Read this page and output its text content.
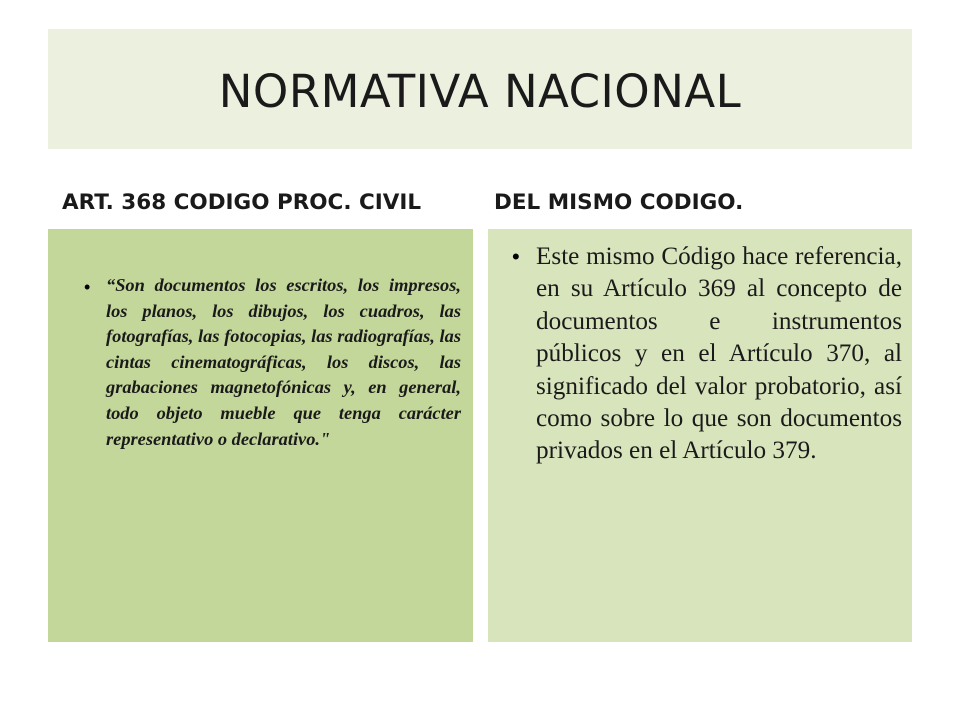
NORMATIVA NACIONAL
ART. 368 CODIGO PROC. CIVIL	DEL MISMO CODIGO.
• “Son documentos los escritos, los impresos, los planos, los dibujos, los cuadros, las fotografías, las fotocopias, las radiografías, las cintas cinematográficas, los discos, las grabaciones magnetofónicas y, en general, todo objeto mueble que tenga carácter representativo o declarativo."

• Este mismo Código hace referencia, en su Artículo 369 al concepto de documentos e instrumentos públicos y en el Artículo 370, al significado del valor probatorio, así como sobre lo que son documentos privados en el Artículo 379.
